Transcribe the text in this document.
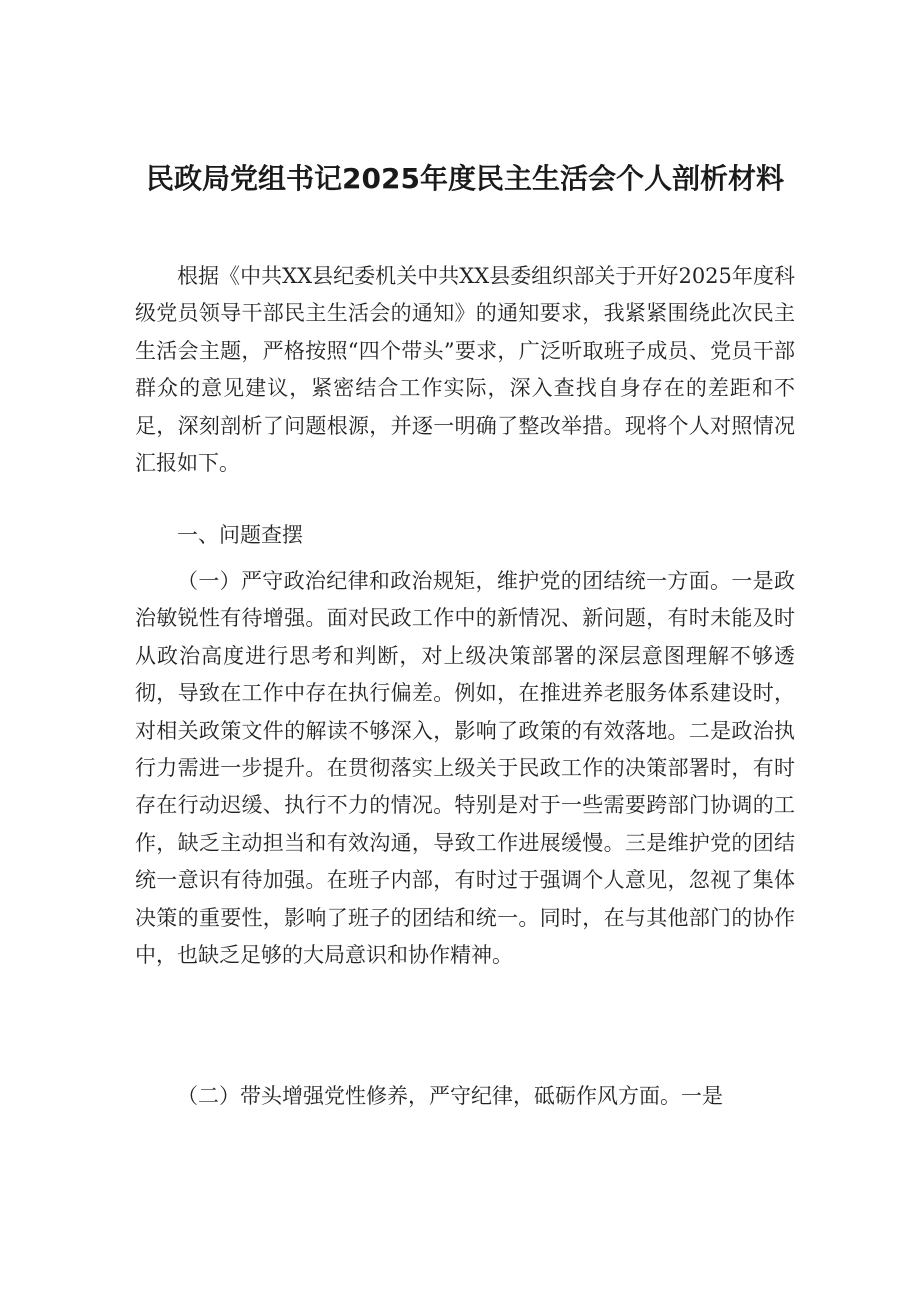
民政局党组书记2025年度民主生活会个人剖析材料

根据《中共XX县纪委机关中共XX县委组织部关于开好2025年度科级党员领导干部民主生活会的通知》的通知要求，我紧紧围绕此次民主生活会主题，严格按照“四个带头”要求，广泛听取班子成员、党员干部群众的意见建议，紧密结合工作实际，深入查找自身存在的差距和不足，深刻剖析了问题根源，并逐一明确了整改举措。现将个人对照情况汇报如下。

一、问题查摆

（一）严守政治纪律和政治规矩，维护党的团结统一方面。一是政治敏锐性有待增强。面对民政工作中的新情况、新问题，有时未能及时从政治高度进行思考和判断，对上级决策部署的深层意图理解不够透彻，导致在工作中存在执行偏差。例如，在推进养老服务体系建设时，对相关政策文件的解读不够深入，影响了政策的有效落地。二是政治执行力需进一步提升。在贯彻落实上级关于民政工作的决策部署时，有时存在行动迟缓、执行不力的情况。特别是对于一些需要跨部门协调的工作，缺乏主动担当和有效沟通，导致工作进展缓慢。三是维护党的团结统一意识有待加强。在班子内部，有时过于强调个人意见，忽视了集体决策的重要性，影响了班子的团结和统一。同时，在与其他部门的协作中，也缺乏足够的大局意识和协作精神。

（二）带头增强党性修养，严守纪律，砥砺作风方面。一是
